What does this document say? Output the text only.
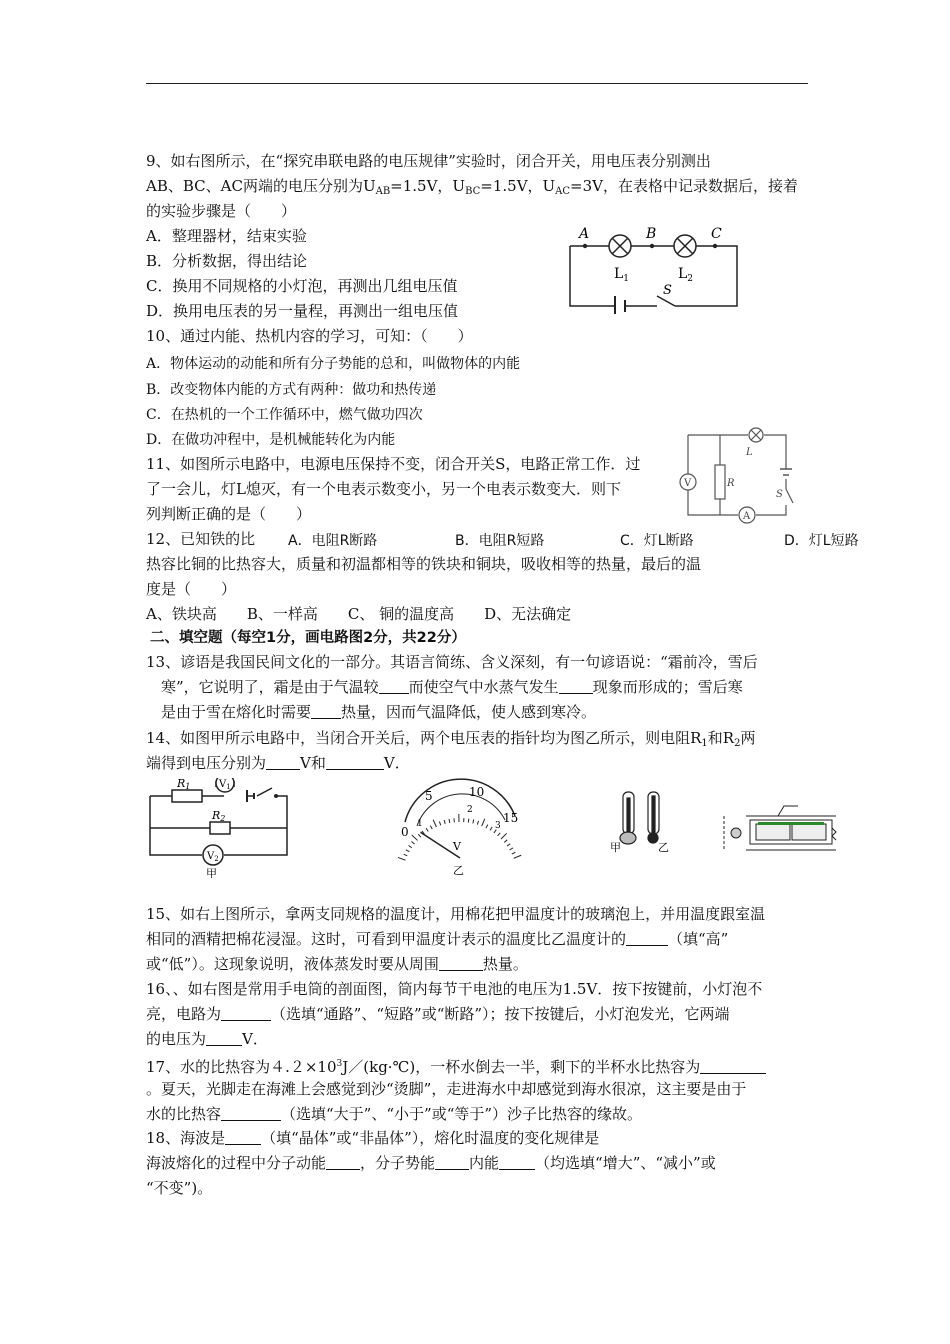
9、如右图所示，在“探究串联电路的电压规律”实验时，闭合开关，用电压表分别测出
AB、BC、AC两端的电压分别为$U_{AB}=1.5V$，$U_{BC}=1.5V$，$U_{AC}=3V$，在表格中记录数据后，接着
的实验步骤是（　　）
A．整理器材，结束实验
B．分析数据，得出结论
C．换用不同规格的小灯泡，再测出几组电压值
D．换用电压表的另一量程，再测出一组电压值
A	B	C
$L_1$	$L_2$
S
10、通过内能、热机内容的学习，可知：（　　）
A．物体运动的动能和所有分子势能的总和，叫做物体的内能
B．改变物体内能的方式有两种：做功和热传递
C．在热机的一个工作循环中，燃气做功四次
D．在做功冲程中，是机械能转化为内能
V	R
L
S
A
11、如图所示电路中，电源电压保持不变，闭合开关S，电路正常工作．过
了一会儿，灯L熄灭，有一个电表示数变小，另一个电表示数变大．则下
列判断正确的是（　　）
A．电阻R断路	B．电阻R短路	C．灯L断路	D．灯L短路
12、已知铁的比
热容比铜的比热容大，质量和初温都相等的铁块和铜块，吸收相等的热量，最后的温
度是（　　）
A、铁块高　　B、一样高　　C、 铜的温度高　　D、无法确定
二、填空题（每空1分，画电路图2分，共22分）
13、谚语是我国民间文化的一部分。其语言简练、含义深刻，有一句谚语说：“霜前冷，雪后
寒”，它说明了，霜是由于气温较 而使空气中水蒸气发生 现象而形成的；雪后寒
是由于雪在熔化时需要 热量，因而气温降低，使人感到寒冷。
14、如图甲所示电路中，当闭合开关后，两个电压表的指针均为图乙所示，则电阻$R_1$和$R_2$两
端得到电压分别为 V和	V．
R1
R2
$V_1$
$V_2$
甲
0
5	10
15
1
2
3
V
乙
甲	乙
15、如右上图所示，拿两支同规格的温度计，用棉花把甲温度计的玻璃泡上，并用温度跟室温
相同的酒精把棉花浸湿。这时，可看到甲温度计表示的温度比乙温度计的	（填“高”
或“低”）。这现象说明，液体蒸发时要从周围	热量。
16、、如右图是常用手电筒的剖面图，筒内每节干电池的电压为1.5V．按下按键前，小灯泡不
亮，电路为	（选填“通路”、“短路”或“断路”）；按下按键后，小灯泡发光，它两端
的电压为 V．
17、水的比热容为$4.2\times 10^3J/(kg\cdot℃)$，一杯水倒去一半，剩下的半杯水比热容为
。夏天，光脚走在海滩上会感觉到沙“烫脚”，走进海水中却感觉到海水很凉，这主要是由于
水的比热容	（选填“大于”、“小于”或“等于”）沙子比热容的缘故。
18、海波是 （填“晶体”或“非晶体”），熔化时温度的变化规律是
海波熔化的过程中分子动能 ，分子势能 内能 （均选填“增大”、“减小”或
“不变”)。
